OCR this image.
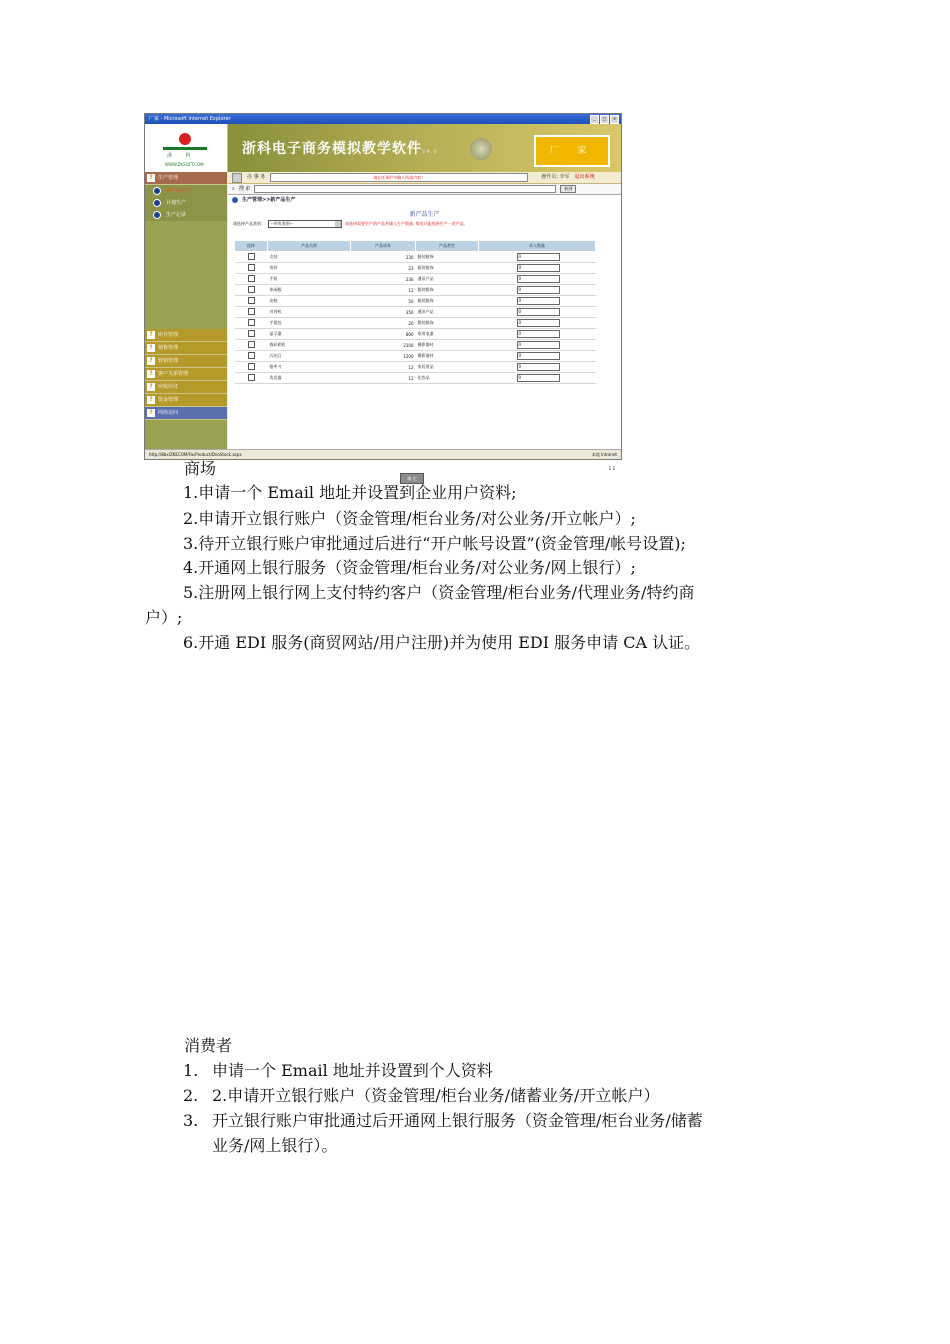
厂家 - Microsoft Internet Explorer	_	□	×
浙 科
WWW.ZKSOFT.COM
浙科电子商务模拟教学软件V4.0	厂 家
?	生产管理
新产品生产
计划生产
生产记录
?	库存管理
?	销售管理
?	营销管理
?	客户关系管理
?	应收应付
?	资金管理
?	网络访问
办 事 务	请在任务栏中输入所需内容！	操作员: 李军 退出系统
⌕ 搜 索	转到
生产管理>>新产品生产
新产品生产
请选择产品类别：	--所有类别--	请选择需要生产的产品并输入生产数量, 每次只能选择生产一类产品。
选择	产品名称	产品成本	产品类型	录入数量
	女装	230	服装服饰	0
	男装	23	服装服饰	0
	手机	230	通讯产品	0
	休闲服	12	服装服饰	0
	皮鞋	50	服装服饰	0
	对讲机	350	通讯产品	0
	手提包	20	服装服饰	0
	显示器	800	家用电器	0
	数码相机	2100	摄影器材	0
	闪光灯	1200	摄影器材	0
	指甲刀	12	家居用品	0
	洗发露	12	化妆品	0
1 2
确 定
http://8bx/ZKECOM/FacProduct/DnoStock.aspx	本地 Intranet
商场
1.申请一个 Email 地址并设置到企业用户资料;
2.申请开立银行账户（资金管理/柜台业务/对公业务/开立帐户）;
3.待开立银行账户审批通过后进行“开户帐号设置”(资金管理/帐号设置);
4.开通网上银行服务（资金管理/柜台业务/对公业务/网上银行）;
5.注册网上银行网上支付特约客户（资金管理/柜台业务/代理业务/特约商
户）;
6.开通 EDI 服务(商贸网站/用户注册)并为使用 EDI 服务申请 CA 认证。
消费者
1. 申请一个 Email 地址并设置到个人资料
2. 2.申请开立银行账户（资金管理/柜台业务/储蓄业务/开立帐户）
3. 开立银行账户审批通过后开通网上银行服务（资金管理/柜台业务/储蓄
业务/网上银行）。
